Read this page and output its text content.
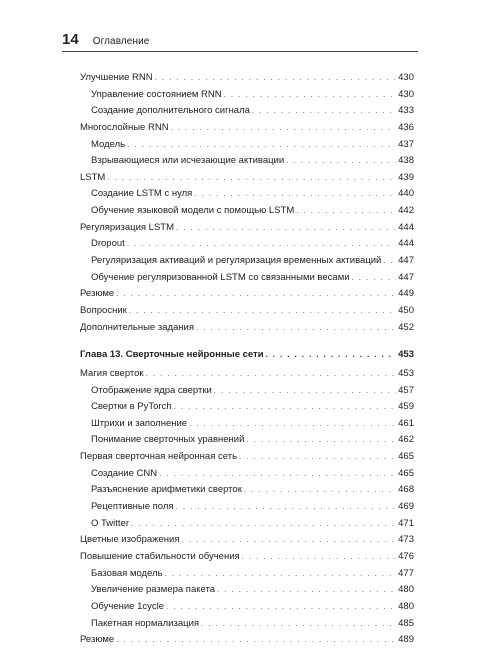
14 Оглавление
Улучшение RNN . . .	430
Управление состоянием RNN . . .	430
Создание дополнительного сигнала . . .	433
Многослойные RNN . . .	436
Модель . . .	437
Взрывающиеся или исчезающие активации . . .	438
LSTM . . .	439
Создание LSTM с нуля . . .	440
Обучение языковой модели с помощью LSTM . . .	442
Регуляризация LSTM . . .	444
Dropout . . .	444
Регуляризация активаций и регуляризация временных активаций . . . 447
Обучение регуляризованной LSTM со связанными весами . . .	447
Резюме . . .	449
Вопросник . . .	450
Дополнительные задания . . .	452
Глава 13. Сверточные нейронные сети . . .	453
Магия сверток . . .	453
Отображение ядра свертки . . .	457
Свертки в PyTorch . . .	459
Штрихи и заполнение . . .	461
Понимание сверточных уравнений . . .	462
Первая сверточная нейронная сеть . . .	465
Создание CNN . . .	465
Разъяснение арифметики сверток . . .	468
Рецептивные поля . . .	469
О Twitter . . .	471
Цветные изображения . . .	473
Повышение стабильности обучения . . .	476
Базовая модель . . .	477
Увеличение размера пакета . . .	480
Обучение 1cycle . . .	480
Пакетная нормализация . . .	485
Резюме . . .	489
